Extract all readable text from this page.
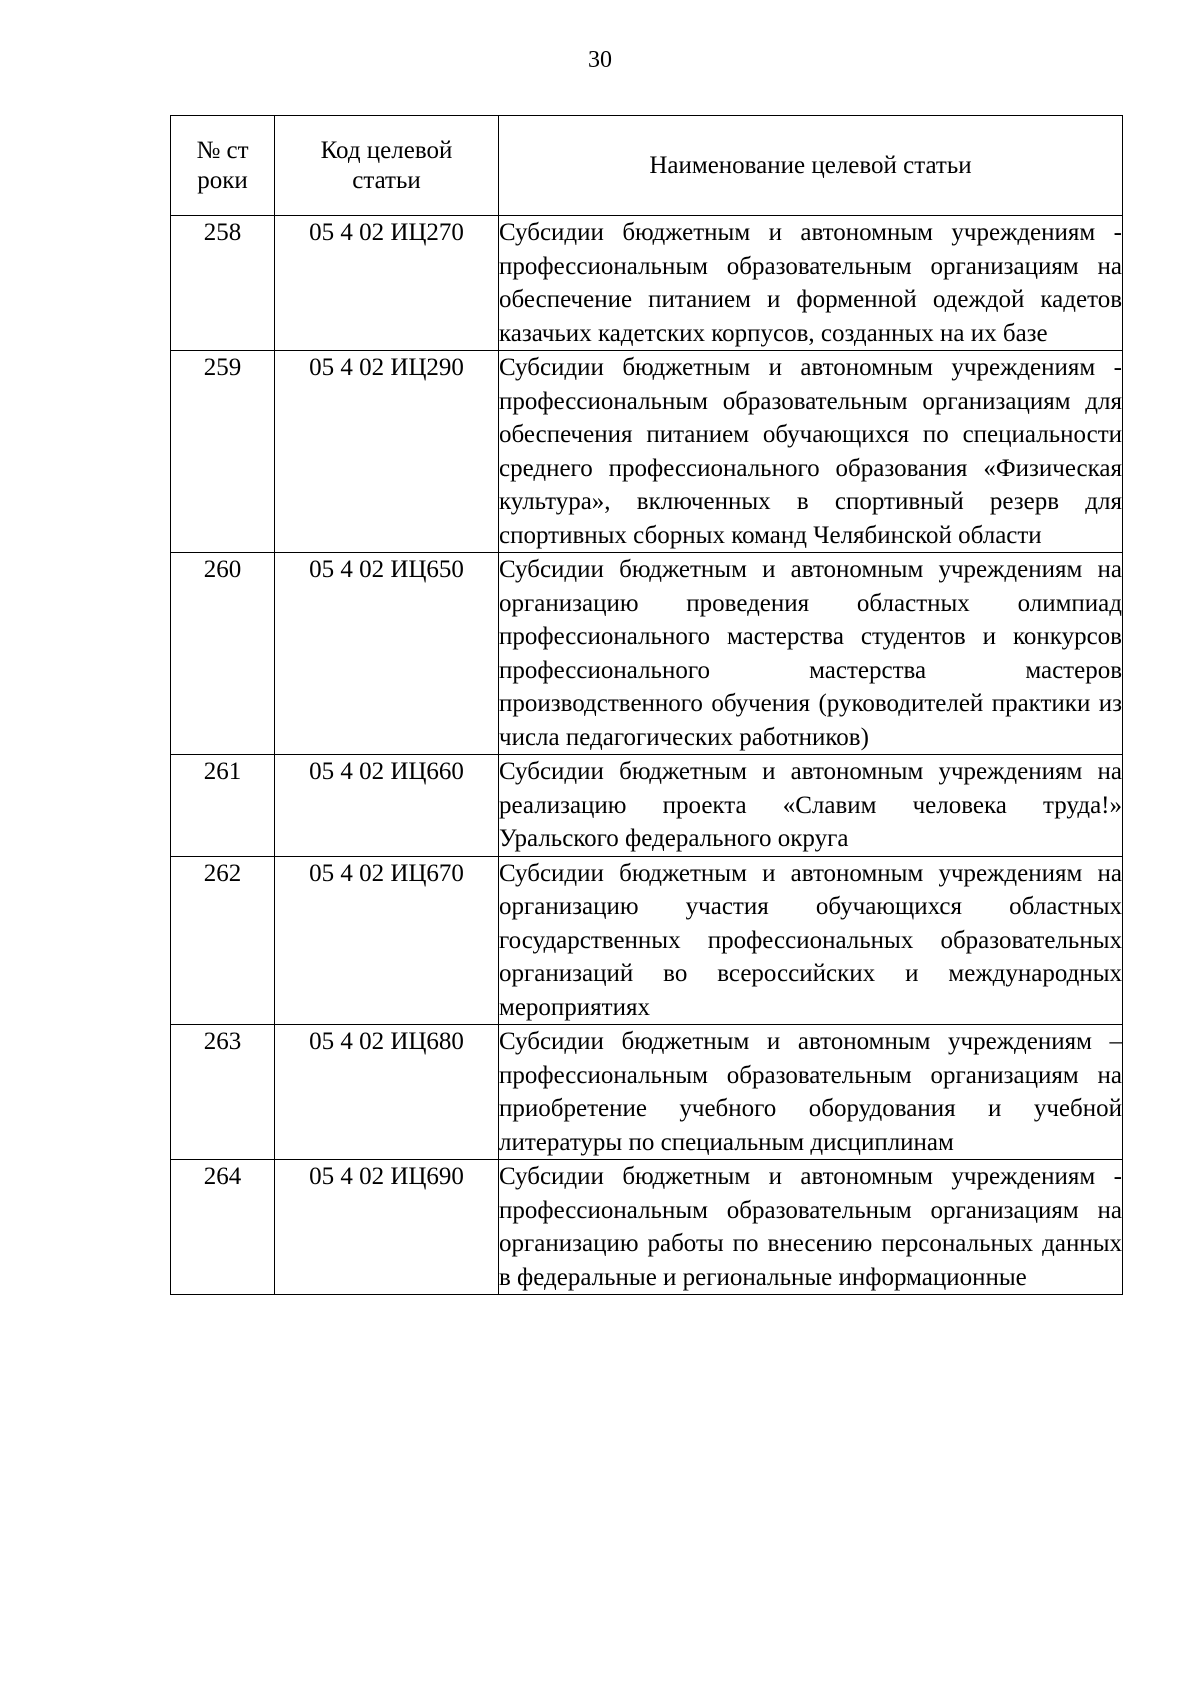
30
№ строки	Код целевой статьи	Наименование целевой статьи
258	05 4 02 ИЦ270	Субсидии бюджетным и автономным учреждениям - профессиональным образовательным организациям на обеспечение питанием и форменной одеждой кадетов казачьих кадетских корпусов, созданных на их базе
259	05 4 02 ИЦ290	Субсидии бюджетным и автономным учреждениям - профессиональным образовательным организациям для обеспечения питанием обучающихся по специальности среднего профессионального образования «Физическая культура», включенных в спортивный резерв для спортивных сборных команд Челябинской области
260	05 4 02 ИЦ650	Субсидии бюджетным и автономным учреждениям на организацию проведения областных олимпиад профессионального мастерства студентов и конкурсов профессионального мастерства мастеров производственного обучения (руководителей практики из числа педагогических работников)
261	05 4 02 ИЦ660	Субсидии бюджетным и автономным учреждениям на реализацию проекта «Славим человека труда!» Уральского федерального округа
262	05 4 02 ИЦ670	Субсидии бюджетным и автономным учреждениям на организацию участия обучающихся областных государственных профессиональных образовательных организаций во всероссийских и международных мероприятиях
263	05 4 02 ИЦ680	Субсидии бюджетным и автономным учреждениям – профессиональным образовательным организациям на приобретение учебного оборудования и учебной литературы по специальным дисциплинам
264	05 4 02 ИЦ690	Субсидии бюджетным и автономным учреждениям - профессиональным образовательным организациям на организацию работы по внесению персональных данных в федеральные и региональные информационные
